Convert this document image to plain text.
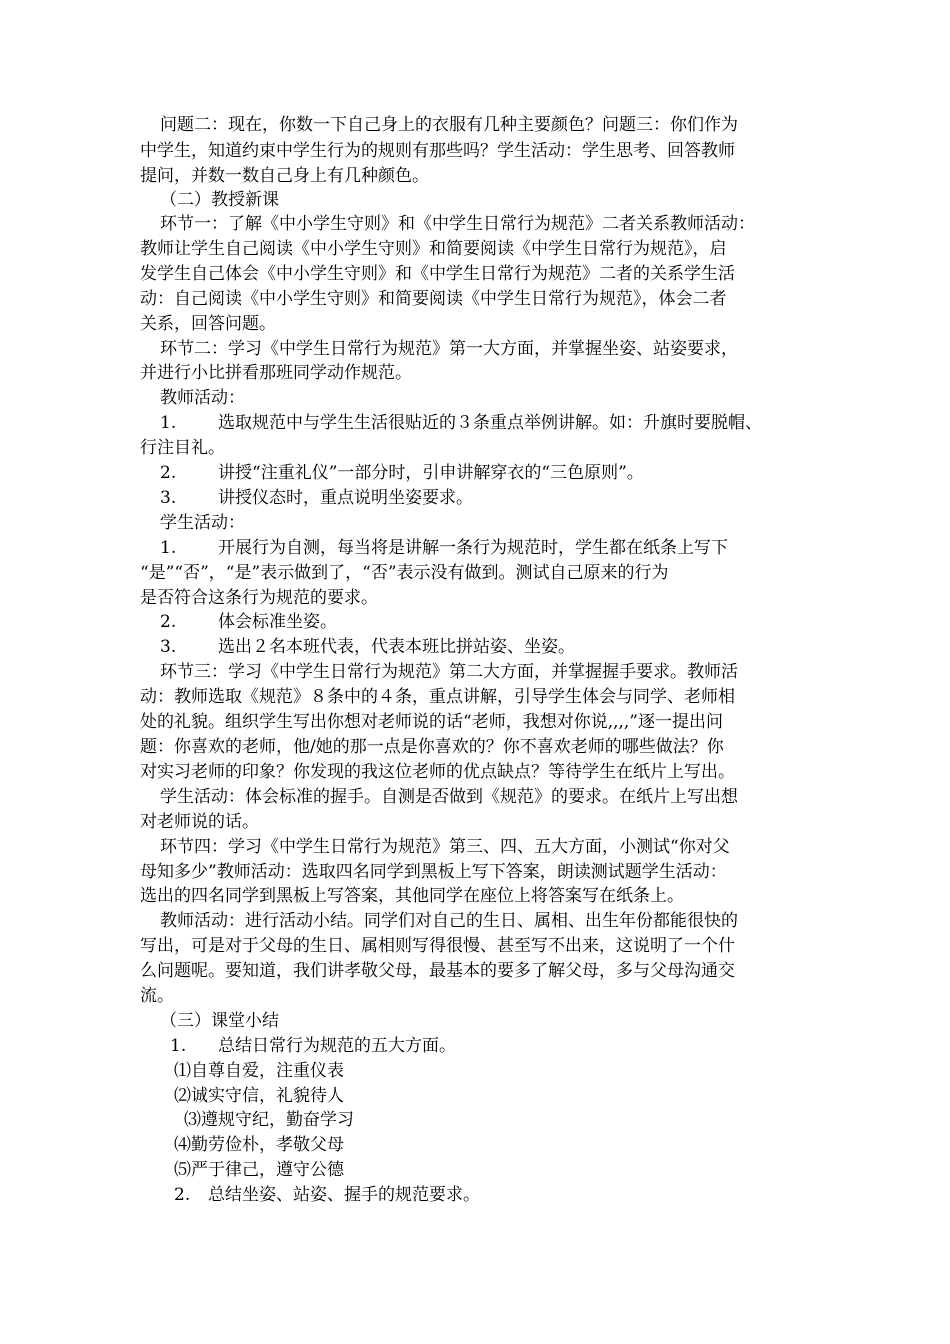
问题二：现在，你数一下自己身上的衣服有几种主要颜色？问题三：你们作为
中学生，知道约束中学生行为的规则有那些吗？学生活动：学生思考、回答教师
提问，并数一数自己身上有几种颜色。
（二）教授新课
环节一：了解《中小学生守则》和《中学生日常行为规范》二者关系教师活动：
教师让学生自己阅读《中小学生守则》和简要阅读《中学生日常行为规范》，启
发学生自己体会《中小学生守则》和《中学生日常行为规范》二者的关系学生活
动：自己阅读《中小学生守则》和简要阅读《中学生日常行为规范》，体会二者
关系，回答问题。
环节二：学习《中学生日常行为规范》第一大方面，并掌握坐姿、站姿要求，
并进行小比拼看那班同学动作规范。
教师活动：
1. 选取规范中与学生生活很贴近的３条重点举例讲解。如：升旗时要脱帽、
行注目礼。
2. 讲授“注重礼仪”一部分时，引申讲解穿衣的“三色原则”。
3. 讲授仪态时，重点说明坐姿要求。
学生活动：
1. 开展行为自测，每当将是讲解一条行为规范时，学生都在纸条上写下
“是”“否”，“是”表示做到了，“否”表示没有做到。测试自己原来的行为
是否符合这条行为规范的要求。
2. 体会标准坐姿。
3. 选出２名本班代表，代表本班比拼站姿、坐姿。
环节三：学习《中学生日常行为规范》第二大方面，并掌握握手要求。教师活
动：教师选取《规范》８条中的４条，重点讲解，引导学生体会与同学、老师相
处的礼貌。组织学生写出你想对老师说的话“老师，我想对你说,,,,”逐一提出问
题：你喜欢的老师，他/她的那一点是你喜欢的？你不喜欢老师的哪些做法？你
对实习老师的印象？你发现的我这位老师的优点缺点？等待学生在纸片上写出。
学生活动：体会标准的握手。自测是否做到《规范》的要求。在纸片上写出想
对老师说的话。
环节四：学习《中学生日常行为规范》第三、四、五大方面，小测试“你对父
母知多少”教师活动：选取四名同学到黑板上写下答案，朗读测试题学生活动：
选出的四名同学到黑板上写答案，其他同学在座位上将答案写在纸条上。
教师活动：进行活动小结。同学们对自己的生日、属相、出生年份都能很快的
写出，可是对于父母的生日、属相则写得很慢、甚至写不出来，这说明了一个什
么问题呢。要知道，我们讲孝敬父母，最基本的要多了解父母，多与父母沟通交
流。
（三）课堂小结
1. 总结日常行为规范的五大方面。
⑴自尊自爱，注重仪表
⑵诚实守信，礼貌待人
⑶遵规守纪，勤奋学习
⑷勤劳俭朴，孝敬父母
⑸严于律己，遵守公德
2. 总结坐姿、站姿、握手的规范要求。
